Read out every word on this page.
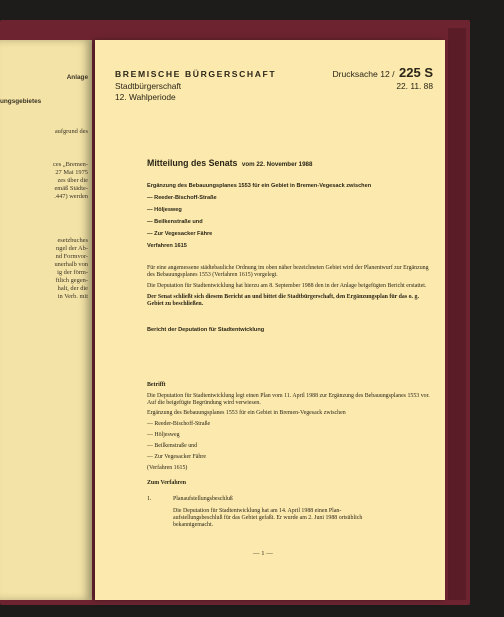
Anlage
ungsgebietes
aufgrund des
ces „Bremen-
27 Mai 1975
zes über die
emäß Städte-
.447) werden
esetzbuches
ngel der Ab-
nd Formvor-
unerhalb von
ig der förm-
ftlich gegen-
halt, der die
in Verb. mit
BREMISCHE BÜRGERSCHAFT	Drucksache 12 / 225 S
Stadtbürgerschaft	22. 11. 88
12. Wahlperiode
Mitteilung des Senats vom 22. November 1988
Ergänzung des Bebauungsplanes 1553 für ein Gebiet in Bremen-Vegesack zwischen
— Reeder-Bischoff-Straße
— Höljesweg
— Beilkenstraße und
— Zur Vegesacker Fähre
Verfahren 1615
Für eine angemessene städtebauliche Ordnung im oben näher bezeichneten Gebiet wird der Planentwurf zur Ergänzung des Bebauungsplanes 1553 (Verfahren 1615) vorgelegt.
Die Deputation für Stadtentwicklung hat hierzu am 8. September 1988 den in der Anlage beigefügten Bericht erstattet.
Der Senat schließt sich diesem Bericht an und bittet die Stadtbürgerschaft, den Ergänzungsplan für das o. g. Gebiet zu beschließen.
Bericht der Deputation für Stadtentwicklung
Betrifft
Die Deputation für Stadtentwicklung legt einen Plan vom 11. April 1988 zur Ergänzung des Bebauungsplanes 1553 vor. Auf die beigefügte Begründung wird verwiesen.
Ergänzung des Bebauungsplanes 1553 für ein Gebiet in Bremen-Vegesack zwischen
— Reeder-Bischoff-Straße
— Höljesweg
— Beilkenstraße und
— Zur Vegesacker Fähre
(Verfahren 1615)
Zum Verfahren
1.	Planaufstellungsbeschluß
Die Deputation für Stadtentwicklung hat am 14. April 1988 einen Planaufstellungsbeschluß für das Gebiet gefaßt. Er wurde am 2. Juni 1988 ortsüblich bekanntgemacht.
— 1 —
